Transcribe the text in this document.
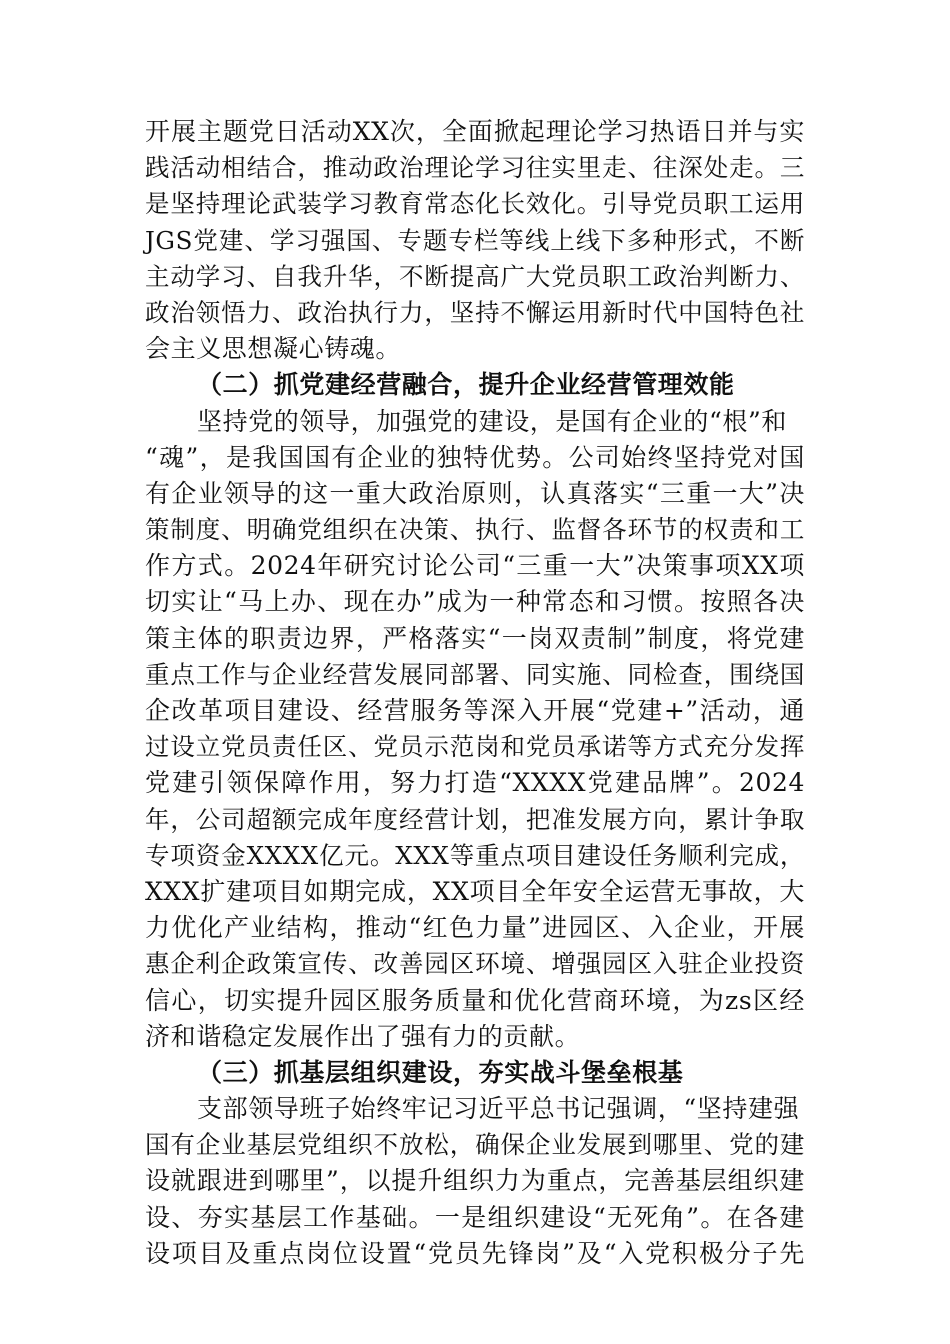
开展主题党日活动XX次，全面掀起理论学习热语日并与实
践活动相结合，推动政治理论学习往实里走、往深处走。三
是坚持理论武装学习教育常态化长效化。引导党员职工运用
JGS党建、学习强国、专题专栏等线上线下多种形式，不断
主动学习、自我升华，不断提高广大党员职工政治判断力、
政治领悟力、政治执行力，坚持不懈运用新时代中国特色社
会主义思想凝心铸魂。
（二）抓党建经营融合，提升企业经营管理效能
坚持党的领导，加强党的建设，是国有企业的“根”和
“魂”，是我国国有企业的独特优势。公司始终坚持党对国
有企业领导的这一重大政治原则，认真落实“三重一大”决
策制度、明确党组织在决策、执行、监督各环节的权责和工
作方式。2024年研究讨论公司“三重一大”决策事项XX项
切实让“马上办、现在办”成为一种常态和习惯。按照各决
策主体的职责边界，严格落实“一岗双责制”制度，将党建
重点工作与企业经营发展同部署、同实施、同检查，围绕国
企改革项目建设、经营服务等深入开展“党建+”活动，通
过设立党员责任区、党员示范岗和党员承诺等方式充分发挥
党建引领保障作用，努力打造“XXXX党建品牌”。2024
年，公司超额完成年度经营计划，把准发展方向，累计争取
专项资金XXXX亿元。XXX等重点项目建设任务顺利完成，
XXX扩建项目如期完成，XX项目全年安全运营无事故，大
力优化产业结构，推动“红色力量”进园区、入企业，开展
惠企利企政策宣传、改善园区环境、增强园区入驻企业投资
信心，切实提升园区服务质量和优化营商环境，为zs区经
济和谐稳定发展作出了强有力的贡献。
（三）抓基层组织建设，夯实战斗堡垒根基
支部领导班子始终牢记习近平总书记强调，“坚持建强
国有企业基层党组织不放松，确保企业发展到哪里、党的建
设就跟进到哪里”，以提升组织力为重点，完善基层组织建
设、夯实基层工作基础。一是组织建设“无死角”。在各建
设项目及重点岗位设置“党员先锋岗”及“入党积极分子先
